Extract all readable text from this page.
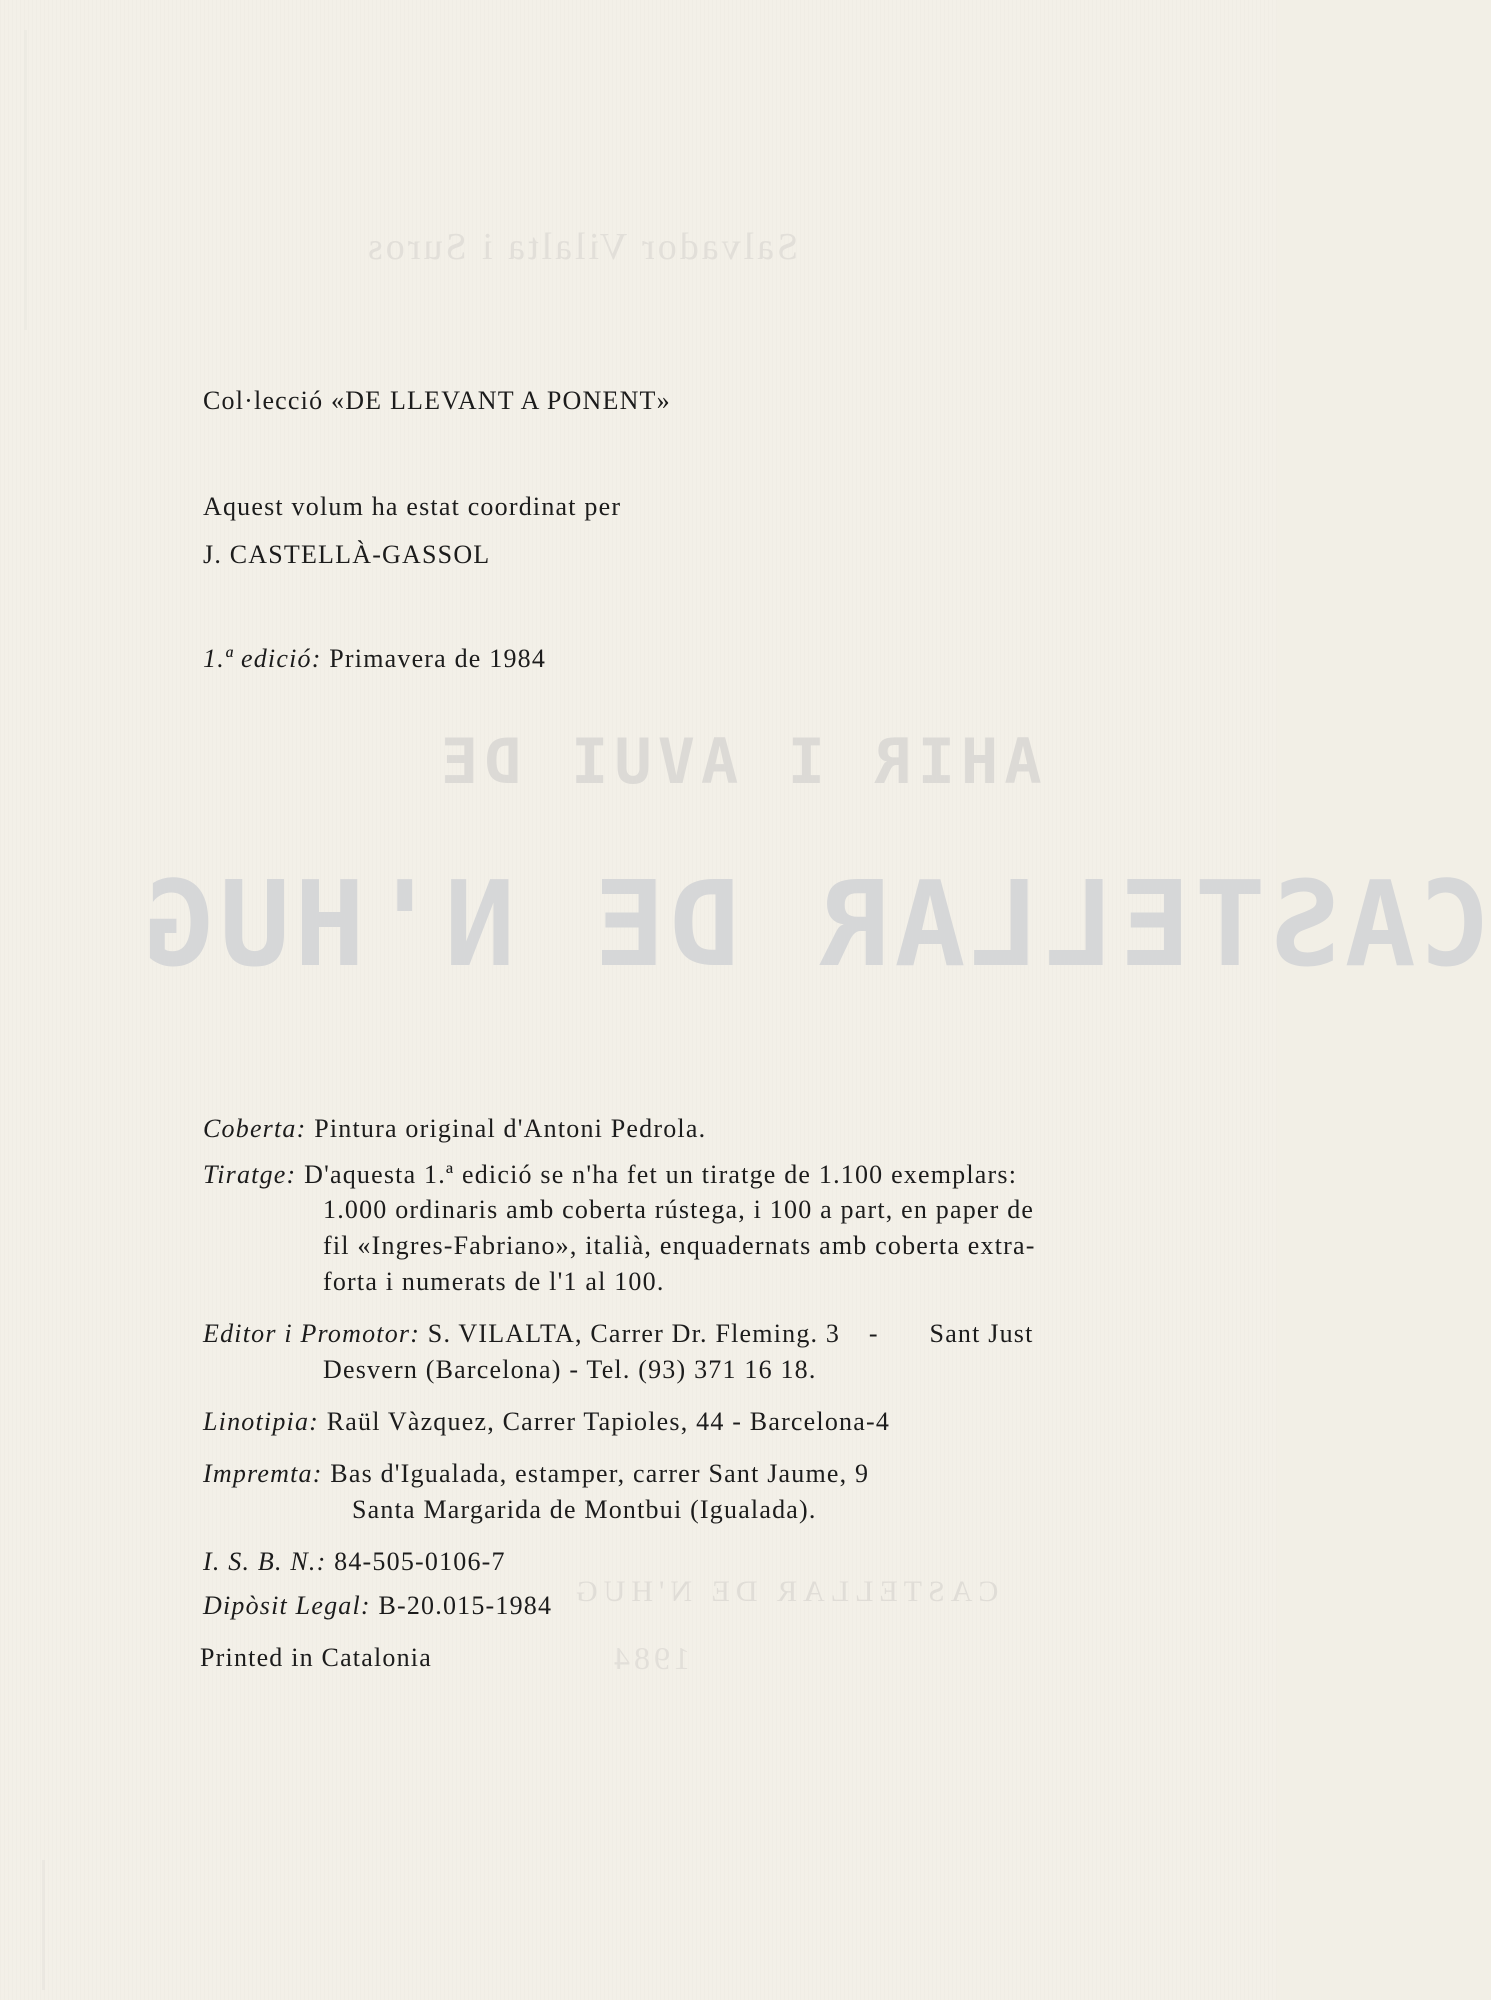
Salvador Vilalta i Suros
AHIR I AVUI DE
CASTELLAR DE N'HUG
CASTELLAR DE N'HUG
1984
Col·lecció «DE LLEVANT A PONENT»
Aquest volum ha estat coordinat per
J. CASTELLÀ-GASSOL
1.ª edició: Primavera de 1984
Coberta: Pintura original d'Antoni Pedrola.
Tiratge: D'aquesta 1.ª edició se n'ha fet un tiratge de 1.100 exemplars:
1.000 ordinaris amb coberta rústega, i 100 a part, en paper de
fil «Ingres-Fabriano», italià, enquadernats amb coberta extra-
forta i numerats de l'1 al 100.
Editor i Promotor: S. VILALTA, Carrer Dr. Fleming. 3 - Sant Just
Desvern (Barcelona) - Tel. (93) 371 16 18.
Linotipia: Raül Vàzquez, Carrer Tapioles, 44 - Barcelona-4
Impremta: Bas d'Igualada, estamper, carrer Sant Jaume, 9
Santa Margarida de Montbui (Igualada).
I. S. B. N.: 84-505-0106-7
Dipòsit Legal: B-20.015-1984
Printed in Catalonia
